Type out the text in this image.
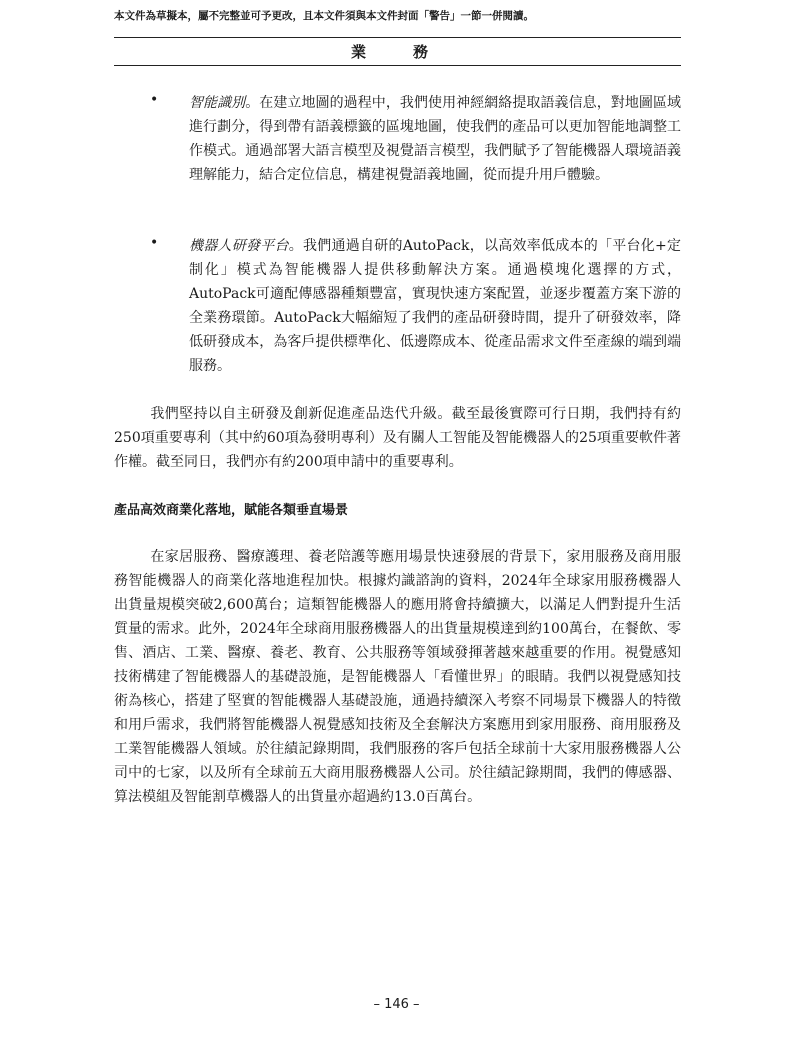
本文件為草擬本，屬不完整並可予更改，且本文件須與本文件封面「警告」一節一併閱讀。
業　務
• 智能識別。在建立地圖的過程中，我們使用神經網絡提取語義信息，對地圖區域進行劃分，得到帶有語義標籤的區塊地圖，使我們的產品可以更加智能地調整工作模式。通過部署大語言模型及視覺語言模型，我們賦予了智能機器人環境語義理解能力，結合定位信息，構建視覺語義地圖，從而提升用戶體驗。
• 機器人研發平台。我們通過自研的AutoPack，以高效率低成本的「平台化+定制化」模式為智能機器人提供移動解決方案。通過模塊化選擇的方式，AutoPack可適配傳感器種類豐富，實現快速方案配置，並逐步覆蓋方案下游的全業務環節。AutoPack大幅縮短了我們的產品研發時間，提升了研發效率，降低研發成本，為客戶提供標準化、低邊際成本、從產品需求文件至產線的端到端服務。
我們堅持以自主研發及創新促進產品迭代升級。截至最後實際可行日期，我們持有約250項重要專利（其中約60項為發明專利）及有關人工智能及智能機器人的25項重要軟件著作權。截至同日，我們亦有約200項申請中的重要專利。
產品高效商業化落地，賦能各類垂直場景
在家居服務、醫療護理、養老陪護等應用場景快速發展的背景下，家用服務及商用服務智能機器人的商業化落地進程加快。根據灼識諮詢的資料，2024年全球家用服務機器人出貨量規模突破2,600萬台；這類智能機器人的應用將會持續擴大，以滿足人們對提升生活質量的需求。此外，2024年全球商用服務機器人的出貨量規模達到約100萬台，在餐飲、零售、酒店、工業、醫療、養老、教育、公共服務等領域發揮著越來越重要的作用。視覺感知技術構建了智能機器人的基礎設施，是智能機器人「看懂世界」的眼睛。我們以視覺感知技術為核心，搭建了堅實的智能機器人基礎設施，通過持續深入考察不同場景下機器人的特徵和用戶需求，我們將智能機器人視覺感知技術及全套解決方案應用到家用服務、商用服務及工業智能機器人領域。於往績記錄期間，我們服務的客戶包括全球前十大家用服務機器人公司中的七家，以及所有全球前五大商用服務機器人公司。於往績記錄期間，我們的傳感器、算法模組及智能割草機器人的出貨量亦超過約13.0百萬台。
– 146 –
